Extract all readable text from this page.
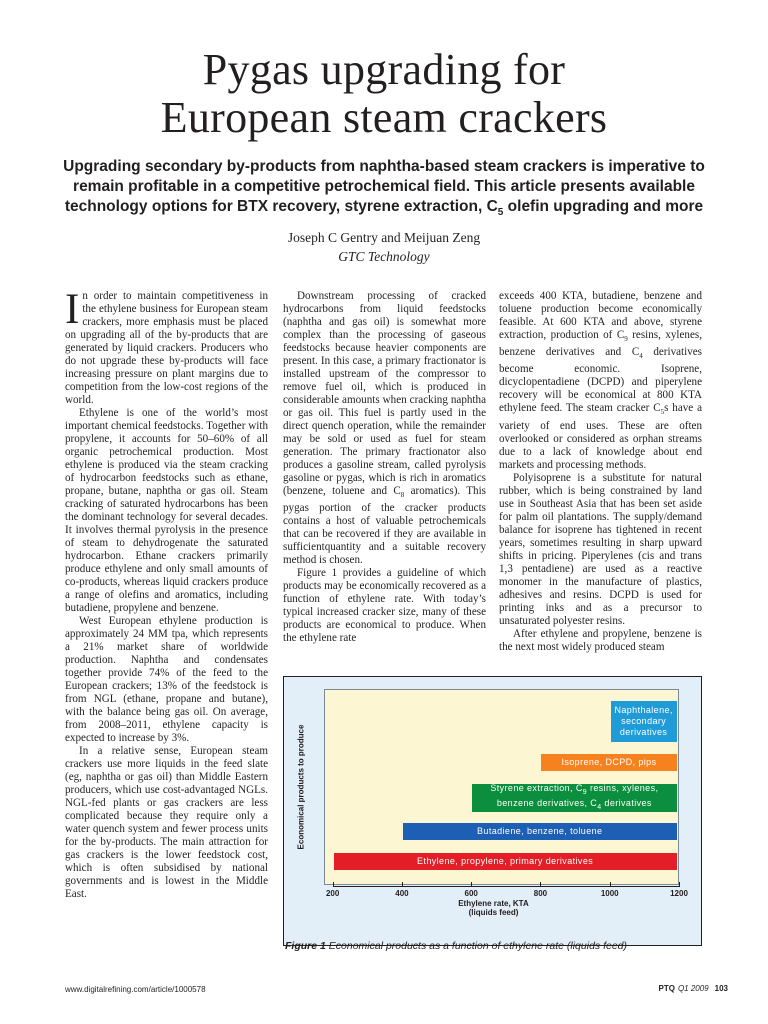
Pygas upgrading for
European steam crackers

Upgrading secondary by-products from naphtha-based steam crackers is imperative to
remain profitable in a competitive petrochemical field. This article presents available
technology options for BTX recovery, styrene extraction, $C_5$ olefin upgrading and more

Joseph C Gentry and Meijuan Zeng
GTC Technology

In order to maintain competitiveness in the ethylene business for European steam crackers, more emphasis must be placed on upgrading all of the by-products that are generated by liquid crackers. Producers who do not upgrade these by-products will face increasing pressure on plant margins due to competition from the low-cost regions of the world.

Ethylene is one of the world’s most important chemical feedstocks. Together with propylene, it accounts for 50–60% of all organic petrochemical production. Most ethylene is produced via the steam cracking of hydrocarbon feedstocks such as ethane, propane, butane, naphtha or gas oil. Steam cracking of saturated hydrocarbons has been the dominant technology for several decades. It involves thermal pyrolysis in the presence of steam to dehydrogenate the saturated hydrocarbon. Ethane crackers primarily produce ethylene and only small amounts of co-products, whereas liquid crackers produce a range of olefins and aromatics, including butadiene, propylene and benzene.

West European ethylene production is approximately 24 MM tpa, which represents a 21% market share of worldwide production. Naphtha and condensates together provide 74% of the feed to the European crackers; 13% of the feedstock is from NGL (ethane, propane and butane), with the balance being gas oil. On average, from 2008–2011, ethylene capacity is expected to increase by 3%.

In a relative sense, European steam crackers use more liquids in the feed slate (eg, naphtha or gas oil) than Middle Eastern producers, which use cost-advantaged NGLs. NGL-fed plants or gas crackers are less complicated because they require only a water quench system and fewer process units for the by-products. The main attraction for gas crackers is the lower feedstock cost, which is often subsidised by national governments and is lowest in the Middle East.

Downstream processing of cracked hydrocarbons from liquid feedstocks (naphtha and gas oil) is somewhat more complex than the processing of gaseous feedstocks because heavier components are present. In this case, a primary fractionator is installed upstream of the compressor to remove fuel oil, which is produced in considerable amounts when cracking naphtha or gas oil. This fuel is partly used in the direct quench operation, while the remainder may be sold or used as fuel for steam generation. The primary fractionator also produces a gasoline stream, called pyrolysis gasoline or pygas, which is rich in aromatics (benzene, toluene and $C_8$ aromatics). This pygas portion of the cracker products contains a host of valuable petrochemicals that can be recovered if they are available in sufficientquantity and a suitable recovery method is chosen.

Figure 1 provides a guideline of which products may be economically recovered as a function of ethylene rate. With today’s typical increased cracker size, many of these products are economical to produce. When the ethylene rate

exceeds 400 KTA, butadiene, benzene and toluene production become economically feasible. At 600 KTA and above, styrene extraction, production of $C_9$ resins, xylenes, benzene derivatives and $C_4$ derivatives become economic. Isoprene, dicyclopentadiene (DCPD) and piperylene recovery will be economical at 800 KTA ethylene feed. The steam cracker $C_5s$ have a variety of end uses. These are often overlooked or considered as orphan streams due to a lack of knowledge about end markets and processing methods.

Polyisoprene is a substitute for natural rubber, which is being constrained by land use in Southeast Asia that has been set aside for palm oil plantations. The supply/demand balance for isoprene has tightened in recent years, sometimes resulting in sharp upward shifts in pricing. Piperylenes (cis and trans 1,3 pentadiene) are used as a reactive monomer in the manufacture of plastics, adhesives and resins. DCPD is used for printing inks and as a precursor to unsaturated polyester resins.

After ethylene and propylene, benzene is the next most widely produced steam

Economical products to produce
Ethylene, propylene, primary derivatives
Butadiene, benzene, toluene
Styrene extraction, $C_9$ resins, xylenes, benzene derivatives, $C_4$ derivatives
Isoprene, DCPD, pips
Naphthalene, secondary derivatives
200	400	600	800	1000	1200
Ethylene rate, KTA
(liquids feed)
Figure 1 Economical products as a function of ethylene rate (liquids feed)
www.digitalrefining.com/article/1000578	PTQ Q1 2009 103
